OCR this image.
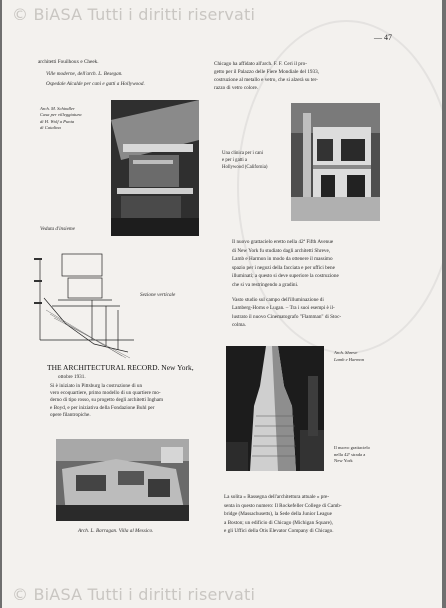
© BiASA Tutti i diritti riservati
— 47
architetti Fouilhoux e Cheek.
Ville moderne, dell'arch. L. Besegan.
Ospedale Alcalde per cani e gatti a Hollywood.
Arch. M. Schindler
Casa per villeggiatura
di H. Wolf a Punta
di Catalina
Veduta d'insieme
Sezione verticale
THE ARCHITECTURAL RECORD. New York,
ottobre 1931.
Si è iniziato in Pittsburg la costruzione di un
vero ecoquartiere, primo modello di un quartiere mo-
derno di tipo rosso, su progetto degli architetti Ingham
e Boyd, e per iniziativa della Fondazione Buhl per
opere filantropiche.
Arch. L. Barragan. Villa al Messico.
Chicago ha affidato all'arch. F. F. Ceri il pro-
getto per il Palazzo delle Fiere Mondiale del 1933,
costruzione al metallo e vetro, che si alzerà su ter-
razzo di vetro colore.
Una clinica per i cani
e per i gatti a
Hollywood (California)
Il nuovo grattacielo eretto nella 42ª Fifth Avenue
di New York fu studiato dagli architetti Shreve,
Lamb e Harmon in modo da ottenere il massimo
spazio per i negozi della facciata e per uffici bene
illuminati; a questo si deve superiore la costruzione
che si va restringendo a gradini.
Vasto studio sul campo dell'illuminazione di
Lamberg-Horns e Lugan. – Tra i suoi esempi è il-
lustrato il nuovo Cinematografo "Flamman" di Stoc-
colma.
Arch. Shreve
Lamb e Harmon
Il nuovo grattacielo
nella 42ª strada a
New York
La solita « Rassegna dell'architettura attuale » pre-
senta in questo numero: Il Rockefeller College di Camb-
bridge (Massachusetts), la Sede della Junior League
a Boston; un edificio di Chicago (Michigan Square),
e gli Uffici della Otis Elevator Company di Chicago.
© BiASA Tutti i diritti riservati
